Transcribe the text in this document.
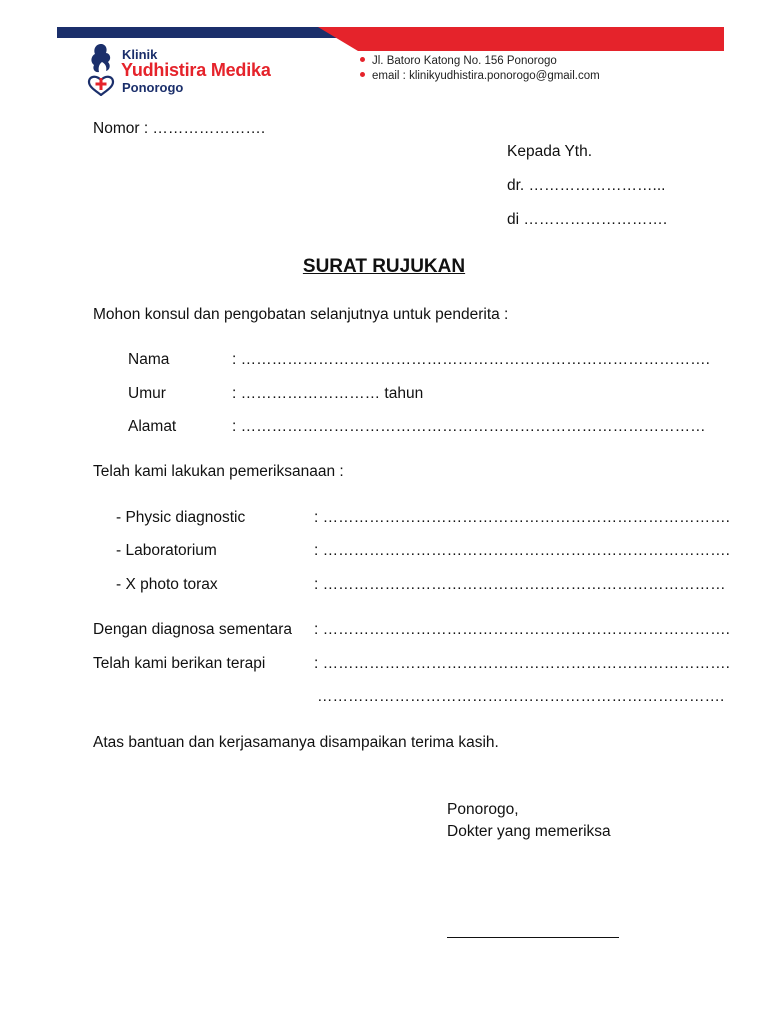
Klinik
Yudhistira Medika
Ponorogo
Jl. Batoro Katong No. 156 Ponorogo
email : klinikyudhistira.ponorogo@gmail.com
Nomor : ………………….
Kepada Yth.
dr. ……………………...
di ……………………….
SURAT RUJUKAN
Mohon konsul dan pengobatan selanjutnya untuk penderita :
Nama	: ……………………………………………………………………………….
Umur	: ……………………… tahun
Alamat	: ………………………………………………………………………………
Telah kami lakukan pemeriksanaan :
- Physic diagnostic	: …………………………………………………………………….
- Laboratorium	: …………………………………………………………………….
- X photo torax	: ……………………………………………………………………
Dengan diagnosa sementara : …………………………………………………………………….
Telah kami berikan terapi	: …………………………………………………………………….
…………………………………………………………………….
Atas bantuan dan kerjasamanya disampaikan terima kasih.
Ponorogo,
Dokter yang memeriksa
